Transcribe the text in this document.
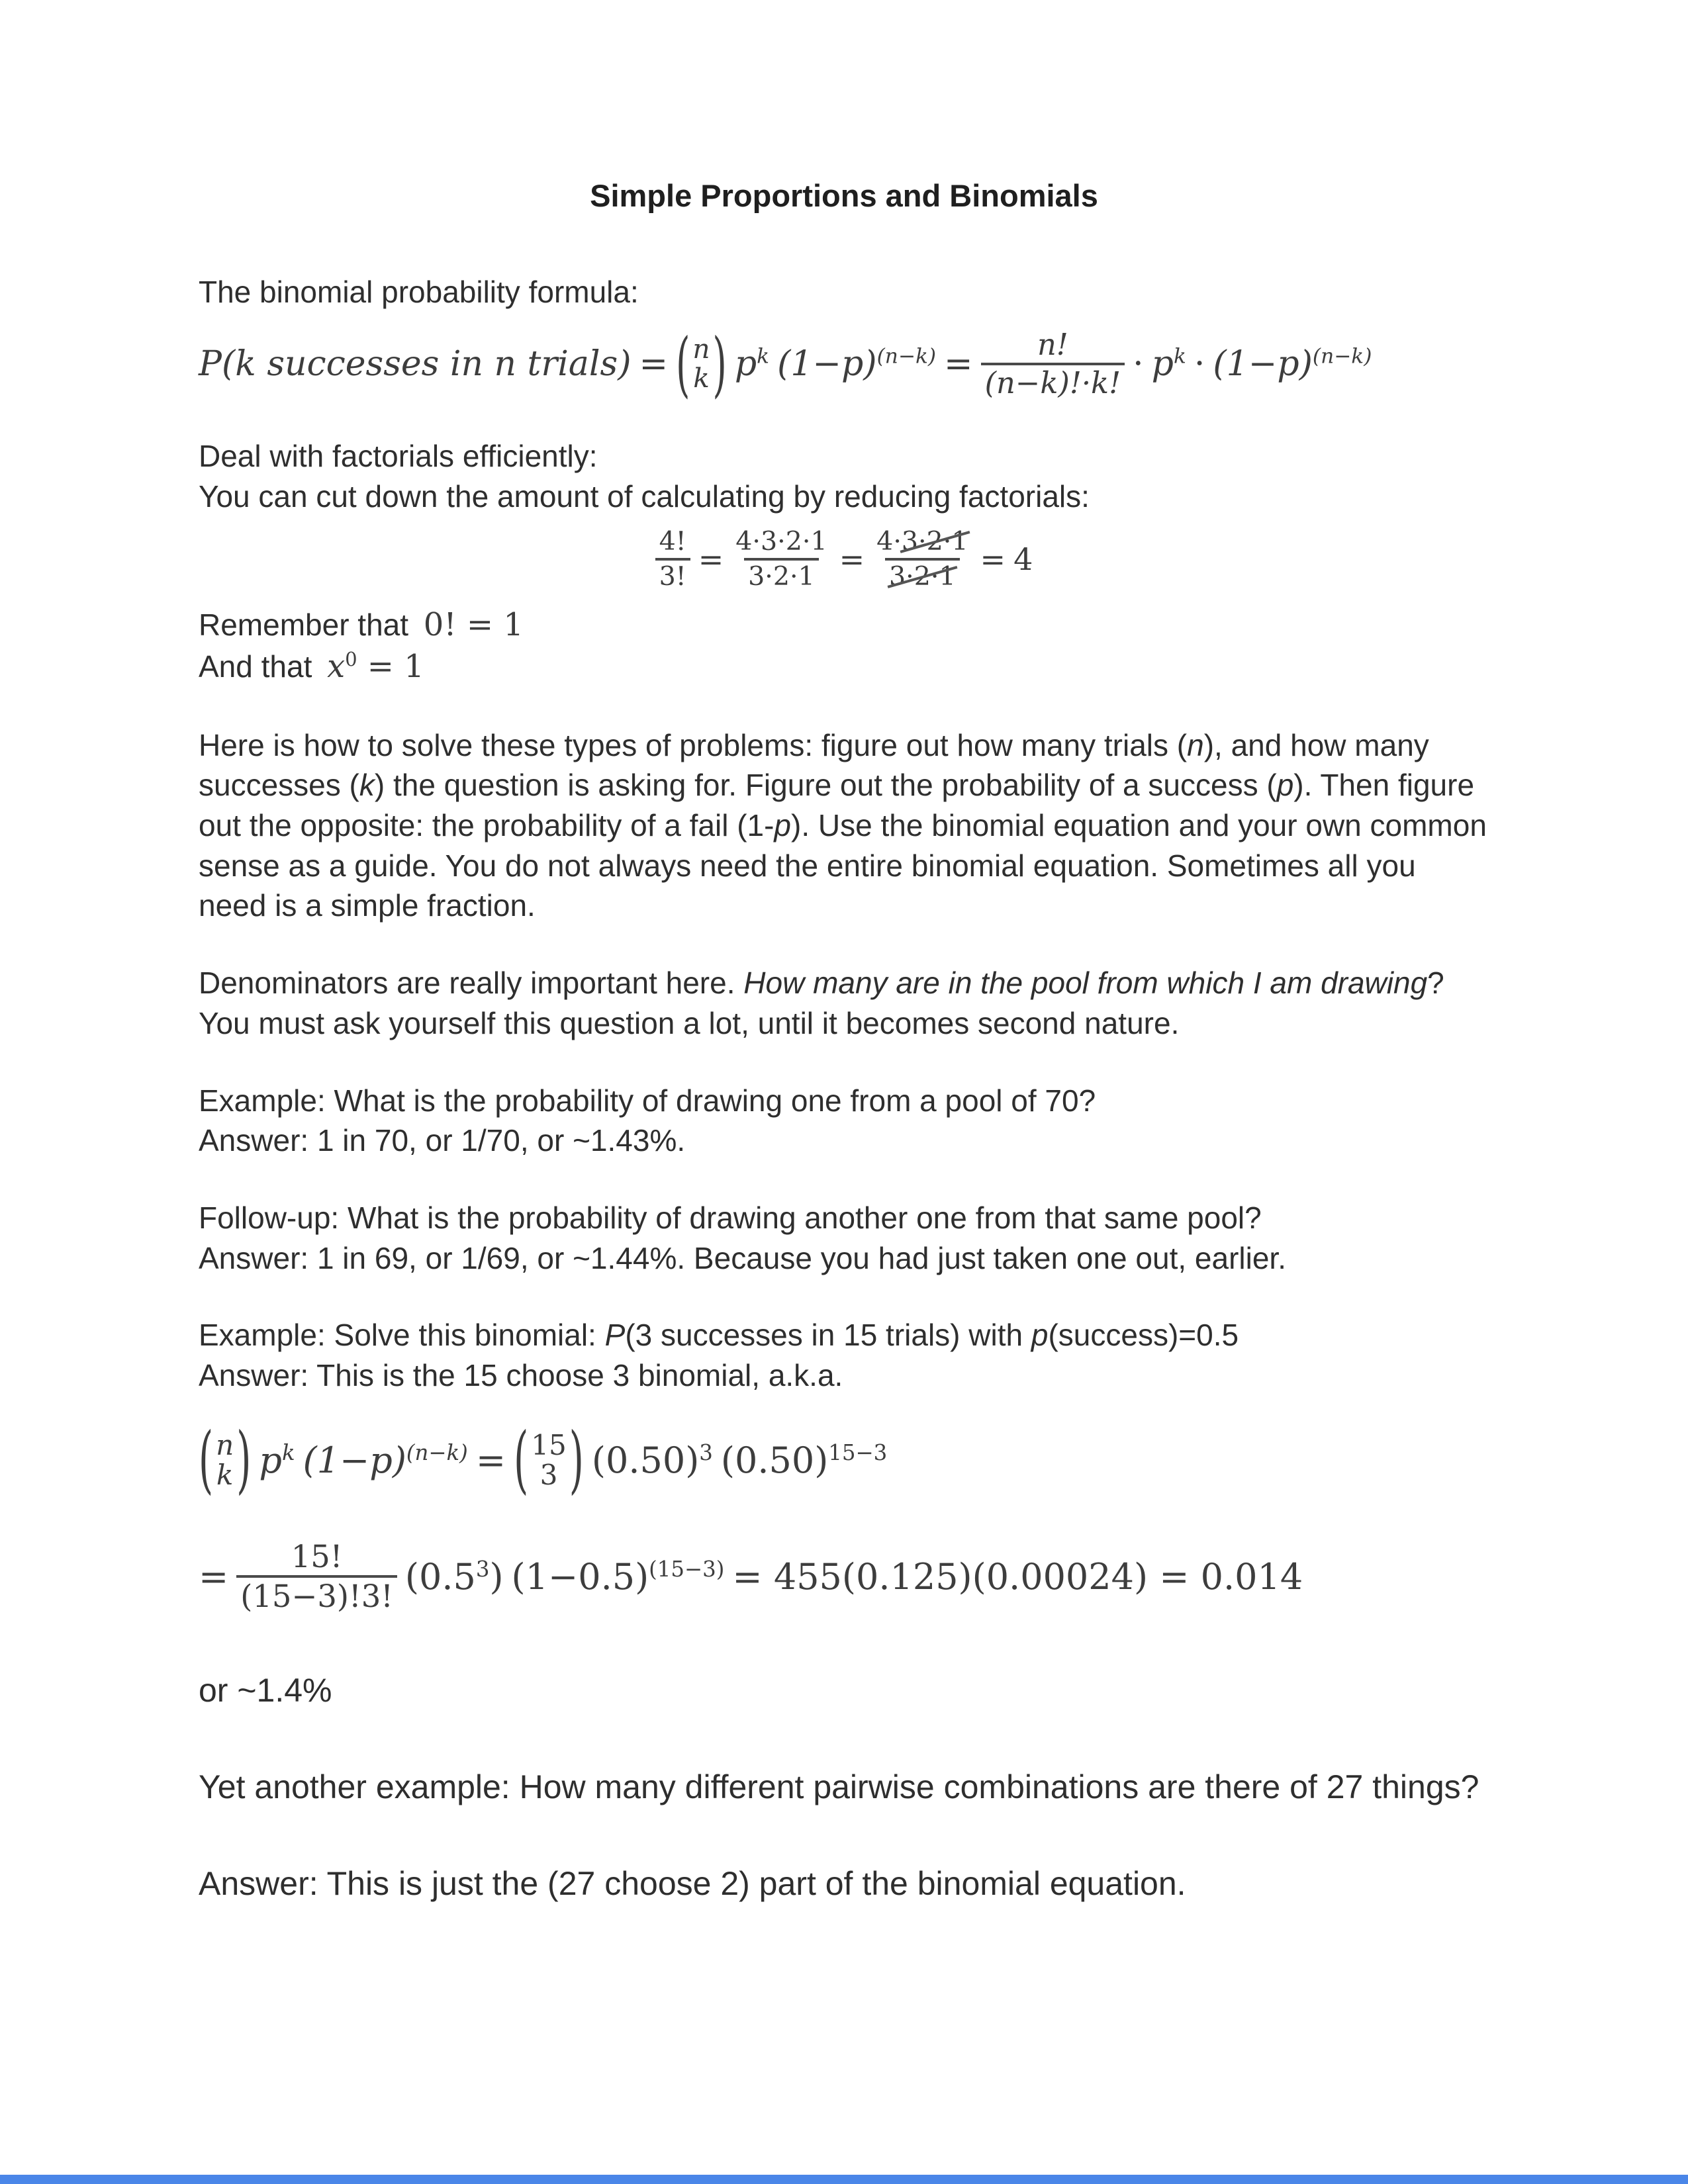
Simple Proportions and Binomials

The binomial probability formula:

P(k successes in n trials) = ( n
k ) $p^k$ $(1-p)^{(n-k)} = \frac{n!}{(n-k)!\cdot k!} \cdot p^k \cdot (1-p)^{(n-k)}$

Deal with factorials efficiently:

You can cut down the amount of calculating by reducing factorials:

$\frac{4!}{3!} = \frac{4\cdot 3\cdot 2\cdot 1}{3\cdot 2\cdot 1} = \frac{4\cdot 3\cdot 2\cdot 1}{3\cdot 2\cdot 1} = 4$

Remember that 0! = 1

And that $x^0 = 1$

Here is how to solve these types of problems: figure out how many trials (n), and how many successes (k) the question is asking for. Figure out the probability of a success (p). Then figure out the opposite: the probability of a fail (1-p). Use the binomial equation and your own common sense as a guide. You do not always need the entire binomial equation. Sometimes all you need is a simple fraction.

Denominators are really important here. How many are in the pool from which I am drawing? You must ask yourself this question a lot, until it becomes second nature.

Example: What is the probability of drawing one from a pool of 70?

Answer: 1 in 70, or 1/70, or ~1.43%.

Follow-up: What is the probability of drawing another one from that same pool?

Answer: 1 in 69, or 1/69, or ~1.44%. Because you had just taken one out, earlier.

Example: Solve this binomial: P(3 successes in 15 trials) with p(success)=0.5

Answer: This is the 15 choose 3 binomial, a.k.a.

( n
k ) $p^k$ $(1-p)^{(n-k)}$ = ( 15
3 ) $(0.50)^3$ $(0.50)^{15-3}$
= $\frac{15!}{(15-3)!3!} (0.5^3) (1-0.5)^{(15-3)} = 455(0.125)(0.00024) = 0.014$

or ~1.4%

Yet another example: How many different pairwise combinations are there of 27 things?

Answer: This is just the (27 choose 2) part of the binomial equation.
